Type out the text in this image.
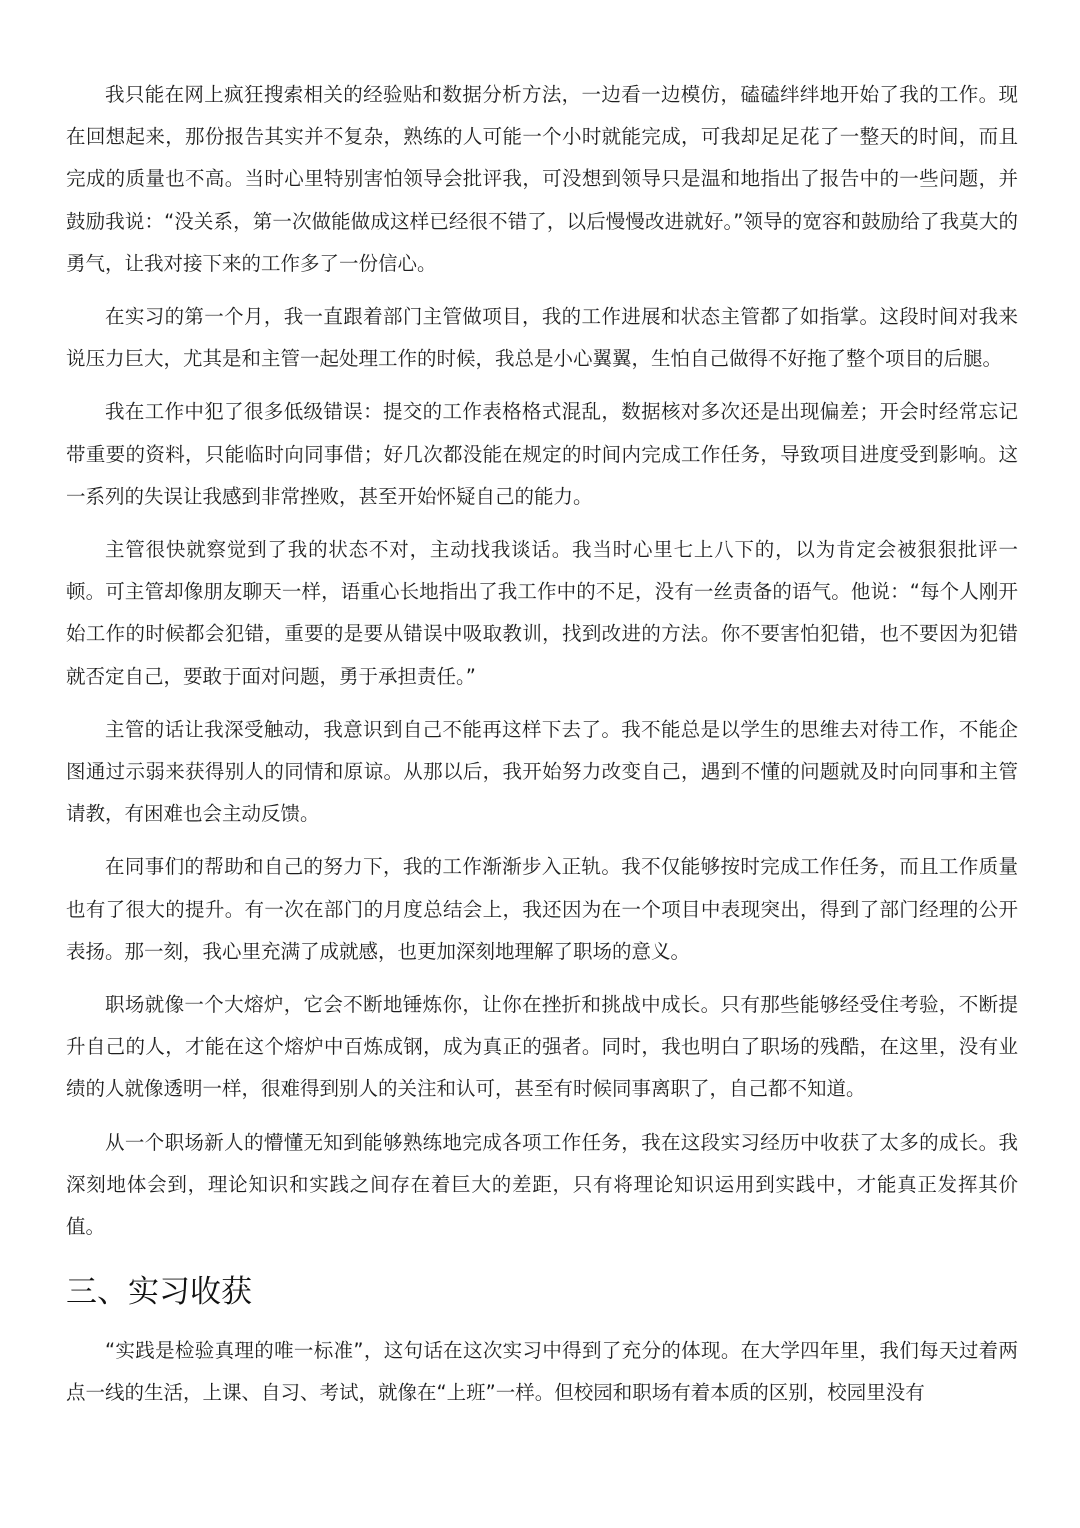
我只能在网上疯狂搜索相关的经验贴和数据分析方法，一边看一边模仿，磕磕绊绊地开始了我的工作。现在回想起来，那份报告其实并不复杂，熟练的人可能一个小时就能完成，可我却足足花了一整天的时间，而且完成的质量也不高。当时心里特别害怕领导会批评我，可没想到领导只是温和地指出了报告中的一些问题，并鼓励我说：“没关系，第一次做能做成这样已经很不错了，以后慢慢改进就好。”领导的宽容和鼓励给了我莫大的勇气，让我对接下来的工作多了一份信心。

在实习的第一个月，我一直跟着部门主管做项目，我的工作进展和状态主管都了如指掌。这段时间对我来说压力巨大，尤其是和主管一起处理工作的时候，我总是小心翼翼，生怕自己做得不好拖了整个项目的后腿。

我在工作中犯了很多低级错误：提交的工作表格格式混乱，数据核对多次还是出现偏差；开会时经常忘记带重要的资料，只能临时向同事借；好几次都没能在规定的时间内完成工作任务，导致项目进度受到影响。这一系列的失误让我感到非常挫败，甚至开始怀疑自己的能力。

主管很快就察觉到了我的状态不对，主动找我谈话。我当时心里七上八下的，以为肯定会被狠狠批评一顿。可主管却像朋友聊天一样，语重心长地指出了我工作中的不足，没有一丝责备的语气。他说：“每个人刚开始工作的时候都会犯错，重要的是要从错误中吸取教训，找到改进的方法。你不要害怕犯错，也不要因为犯错就否定自己，要敢于面对问题，勇于承担责任。”

主管的话让我深受触动，我意识到自己不能再这样下去了。我不能总是以学生的思维去对待工作，不能企图通过示弱来获得别人的同情和原谅。从那以后，我开始努力改变自己，遇到不懂的问题就及时向同事和主管请教，有困难也会主动反馈。

在同事们的帮助和自己的努力下，我的工作渐渐步入正轨。我不仅能够按时完成工作任务，而且工作质量也有了很大的提升。有一次在部门的月度总结会上，我还因为在一个项目中表现突出，得到了部门经理的公开表扬。那一刻，我心里充满了成就感，也更加深刻地理解了职场的意义。

职场就像一个大熔炉，它会不断地锤炼你，让你在挫折和挑战中成长。只有那些能够经受住考验，不断提升自己的人，才能在这个熔炉中百炼成钢，成为真正的强者。同时，我也明白了职场的残酷，在这里，没有业绩的人就像透明一样，很难得到别人的关注和认可，甚至有时候同事离职了，自己都不知道。

从一个职场新人的懵懂无知到能够熟练地完成各项工作任务，我在这段实习经历中收获了太多的成长。我深刻地体会到，理论知识和实践之间存在着巨大的差距，只有将理论知识运用到实践中，才能真正发挥其价值。

三、实习收获

“实践是检验真理的唯一标准”，这句话在这次实习中得到了充分的体现。在大学四年里，我们每天过着两点一线的生活，上课、自习、考试，就像在“上班”一样。但校园和职场有着本质的区别，校园里没有
